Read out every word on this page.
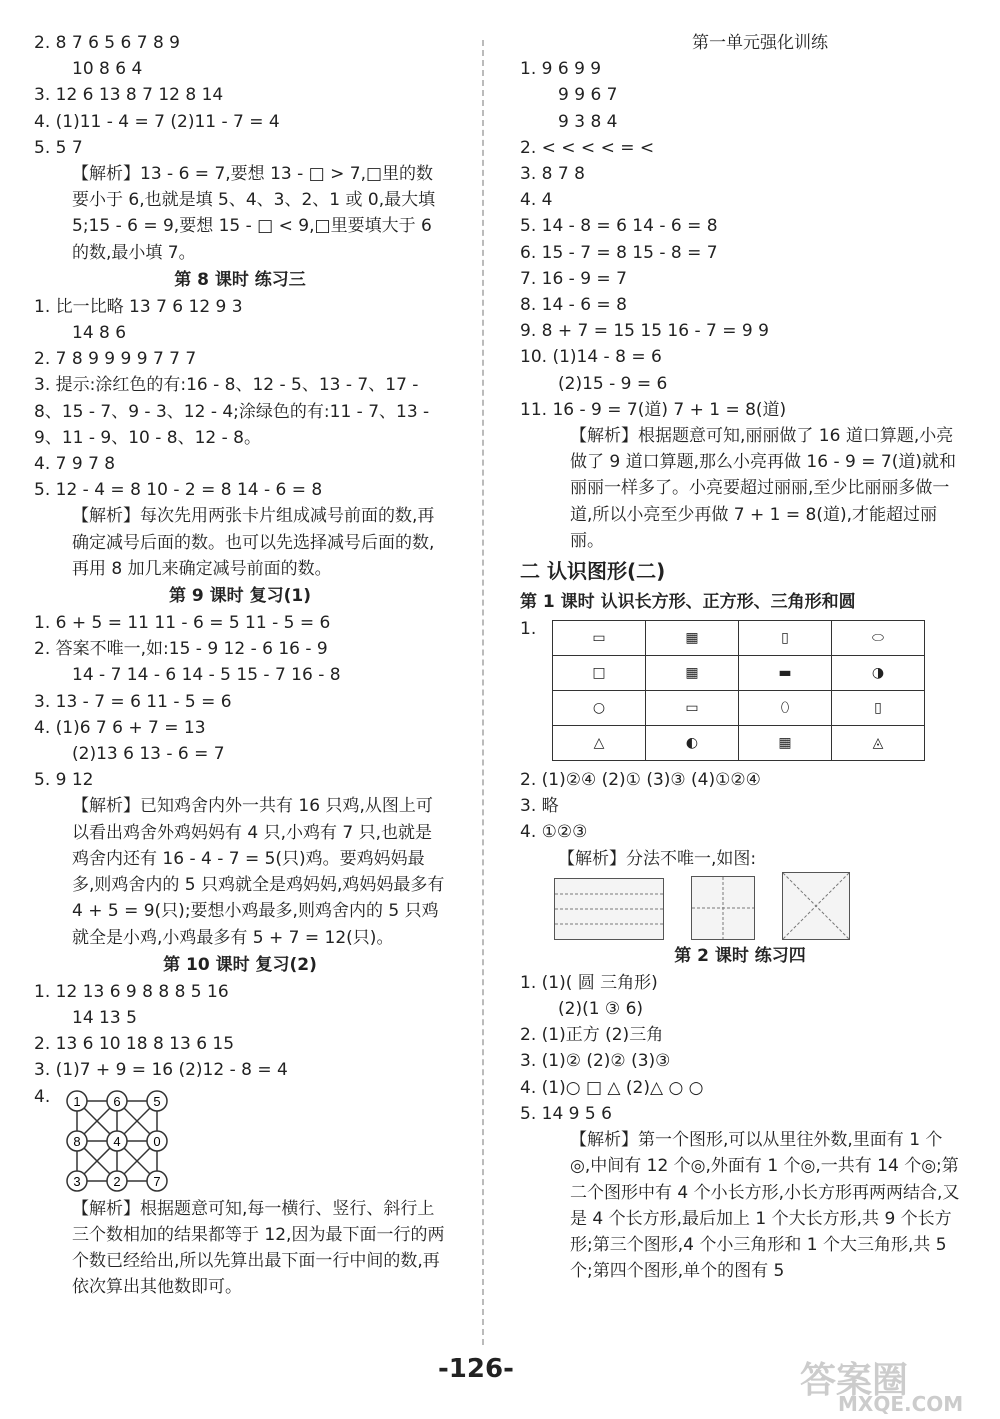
2. 8 7 6 5 6 7 8 9
10 8 6 4
3. 12 6 13 8 7 12 8 14
4. (1)11 - 4 = 7 (2)11 - 7 = 4
5. 5 7
【解析】13 - 6 = 7,要想 13 - □ > 7,□里的数要小于 6,也就是填 5、4、3、2、1 或 0,最大填 5;15 - 6 = 9,要想 15 - □ < 9,□里要填大于 6 的数,最小填 7。
第 8 课时 练习三
1. 比一比略 13 7 6 12 9 3
14 8 6
2. 7 8 9 9 9 9 7 7 7
3. 提示:涂红色的有:16 - 8、12 - 5、13 - 7、17 - 8、15 - 7、9 - 3、12 - 4;涂绿色的有:11 - 7、13 - 9、11 - 9、10 - 8、12 - 8。
4. 7 9 7 8
5. 12 - 4 = 8 10 - 2 = 8 14 - 6 = 8
【解析】每次先用两张卡片组成减号前面的数,再确定减号后面的数。也可以先选择减号后面的数,再用 8 加几来确定减号前面的数。
第 9 课时 复习(1)
1. 6 + 5 = 11 11 - 6 = 5 11 - 5 = 6
2. 答案不唯一,如:15 - 9 12 - 6 16 - 9
14 - 7 14 - 6 14 - 5 15 - 7 16 - 8
3. 13 - 7 = 6 11 - 5 = 6
4. (1)6 7 6 + 7 = 13
(2)13 6 13 - 6 = 7
5. 9 12
【解析】已知鸡舍内外一共有 16 只鸡,从图上可以看出鸡舍外鸡妈妈有 4 只,小鸡有 7 只,也就是鸡舍内还有 16 - 4 - 7 = 5(只)鸡。要鸡妈妈最多,则鸡舍内的 5 只鸡就全是鸡妈妈,鸡妈妈最多有 4 + 5 = 9(只);要想小鸡最多,则鸡舍内的 5 只鸡就全是小鸡,小鸡最多有 5 + 7 = 12(只)。
第 10 课时 复习(2)
1. 12 13 6 9 8 8 8 5 16
14 13 5
2. 13 6 10 18 8 13 6 15
3. (1)7 + 9 = 16 (2)12 - 8 = 4
4. 1	6	5
8	4	0
3	2	7
【解析】根据题意可知,每一横行、竖行、斜行上三个数相加的结果都等于 12,因为最下面一行的两个数已经给出,所以先算出最下面一行中间的数,再依次算出其他数即可。
第一单元强化训练
1. 9 6 9 9
9 9 6 7
9 3 8 4
2. < < < < = <
3. 8 7 8
4. 4
5. 14 - 8 = 6 14 - 6 = 8
6. 15 - 7 = 8 15 - 8 = 7
7. 16 - 9 = 7
8. 14 - 6 = 8
9. 8 + 7 = 15 15 16 - 7 = 9 9
10. (1)14 - 8 = 6
(2)15 - 9 = 6
11. 16 - 9 = 7(道) 7 + 1 = 8(道)
【解析】根据题意可知,丽丽做了 16 道口算题,小亮做了 9 道口算题,那么小亮再做 16 - 9 = 7(道)就和丽丽一样多了。小亮要超过丽丽,至少比丽丽多做一道,所以小亮至少再做 7 + 1 = 8(道),才能超过丽丽。
二 认识图形(二)
第 1 课时 认识长方形、正方形、三角形和圆
1.	▭	▦	▯	⬭
□	▦	▬	◑
○	▭	⬯	▯
△	◐	▦	◬
2. (1)②④ (2)① (3)③ (4)①②④
3. 略
4. ①②③
【解析】分法不唯一,如图:

第 2 课时 练习四
1. (1)( 圆 三角形)
(2)(1 ③ 6)
2. (1)正方 (2)三角
3. (1)② (2)② (3)③
4. (1)○ □ △ (2)△ ○ ○
5. 14 9 5 6
【解析】第一个图形,可以从里往外数,里面有 1 个◎,中间有 12 个◎,外面有 1 个◎,一共有 14 个◎;第二个图形中有 4 个小长方形,小长方形再两两结合,又是 4 个长方形,最后加上 1 个大长方形,共 9 个长方形;第三个图形,4 个小三角形和 1 个大三角形,共 5 个;第四个图形,单个的图有 5
-126-	答案圈
MXQE.COM
